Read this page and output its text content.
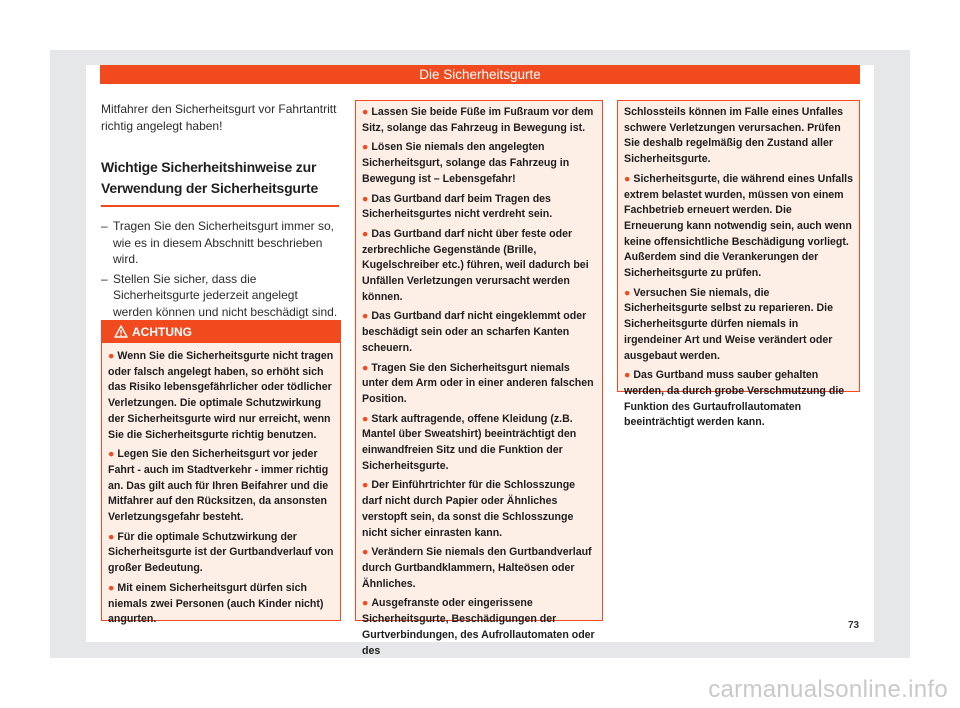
Die Sicherheitsgurte

Mitfahrer den Sicherheitsgurt vor Fahrtantritt richtig angelegt haben!

Wichtige Sicherheitshinweise zur Verwendung der Sicherheitsgurte
– Tragen Sie den Sicherheitsgurt immer so, wie es in diesem Abschnitt beschrieben wird.
– Stellen Sie sicher, dass die Sicherheitsgurte jederzeit angelegt werden können und nicht beschädigt sind.
ACHTUNG
● Wenn Sie die Sicherheitsgurte nicht tragen oder falsch angelegt haben, so erhöht sich das Risiko lebensgefährlicher oder tödlicher Verletzungen. Die optimale Schutzwirkung der Sicherheitsgurte wird nur erreicht, wenn Sie die Sicherheitsgurte richtig benutzen.
● Legen Sie den Sicherheitsgurt vor jeder Fahrt - auch im Stadtverkehr - immer richtig an. Das gilt auch für Ihren Beifahrer und die Mitfahrer auf den Rücksitzen, da ansonsten Verletzungsgefahr besteht.
● Für die optimale Schutzwirkung der Sicherheitsgurte ist der Gurtbandverlauf von großer Bedeutung.
● Mit einem Sicherheitsgurt dürfen sich niemals zwei Personen (auch Kinder nicht) angurten.
● Lassen Sie beide Füße im Fußraum vor dem Sitz, solange das Fahrzeug in Bewegung ist.
● Lösen Sie niemals den angelegten Sicherheitsgurt, solange das Fahrzeug in Bewegung ist – Lebensgefahr!
● Das Gurtband darf beim Tragen des Sicherheitsgurtes nicht verdreht sein.
● Das Gurtband darf nicht über feste oder zerbrechliche Gegenstände (Brille, Kugelschreiber etc.) führen, weil dadurch bei Unfällen Verletzungen verursacht werden können.
● Das Gurtband darf nicht eingeklemmt oder beschädigt sein oder an scharfen Kanten scheuern.
● Tragen Sie den Sicherheitsgurt niemals unter dem Arm oder in einer anderen falschen Position.
● Stark auftragende, offene Kleidung (z.B. Mantel über Sweatshirt) beeinträchtigt den einwandfreien Sitz und die Funktion der Sicherheitsgurte.
● Der Einführtrichter für die Schlosszunge darf nicht durch Papier oder Ähnliches verstopft sein, da sonst die Schlosszunge nicht sicher einrasten kann.
● Verändern Sie niemals den Gurtbandverlauf durch Gurtbandklammern, Halteösen oder Ähnliches.
● Ausgefranste oder eingerissene Sicherheitsgurte, Beschädigungen der Gurtverbindungen, des Aufrollautomaten oder des
Schlossteils können im Falle eines Unfalles schwere Verletzungen verursachen. Prüfen Sie deshalb regelmäßig den Zustand aller Sicherheitsgurte.
● Sicherheitsgurte, die während eines Unfalls extrem belastet wurden, müssen von einem Fachbetrieb erneuert werden. Die Erneuerung kann notwendig sein, auch wenn keine offensichtliche Beschädigung vorliegt. Außerdem sind die Verankerungen der Sicherheitsgurte zu prüfen.
● Versuchen Sie niemals, die Sicherheitsgurte selbst zu reparieren. Die Sicherheitsgurte dürfen niemals in irgendeiner Art und Weise verändert oder ausgebaut werden.
● Das Gurtband muss sauber gehalten werden, da durch grobe Verschmutzung die Funktion des Gurtaufrollautomaten beeinträchtigt werden kann.
73
carmanualsonline.info
